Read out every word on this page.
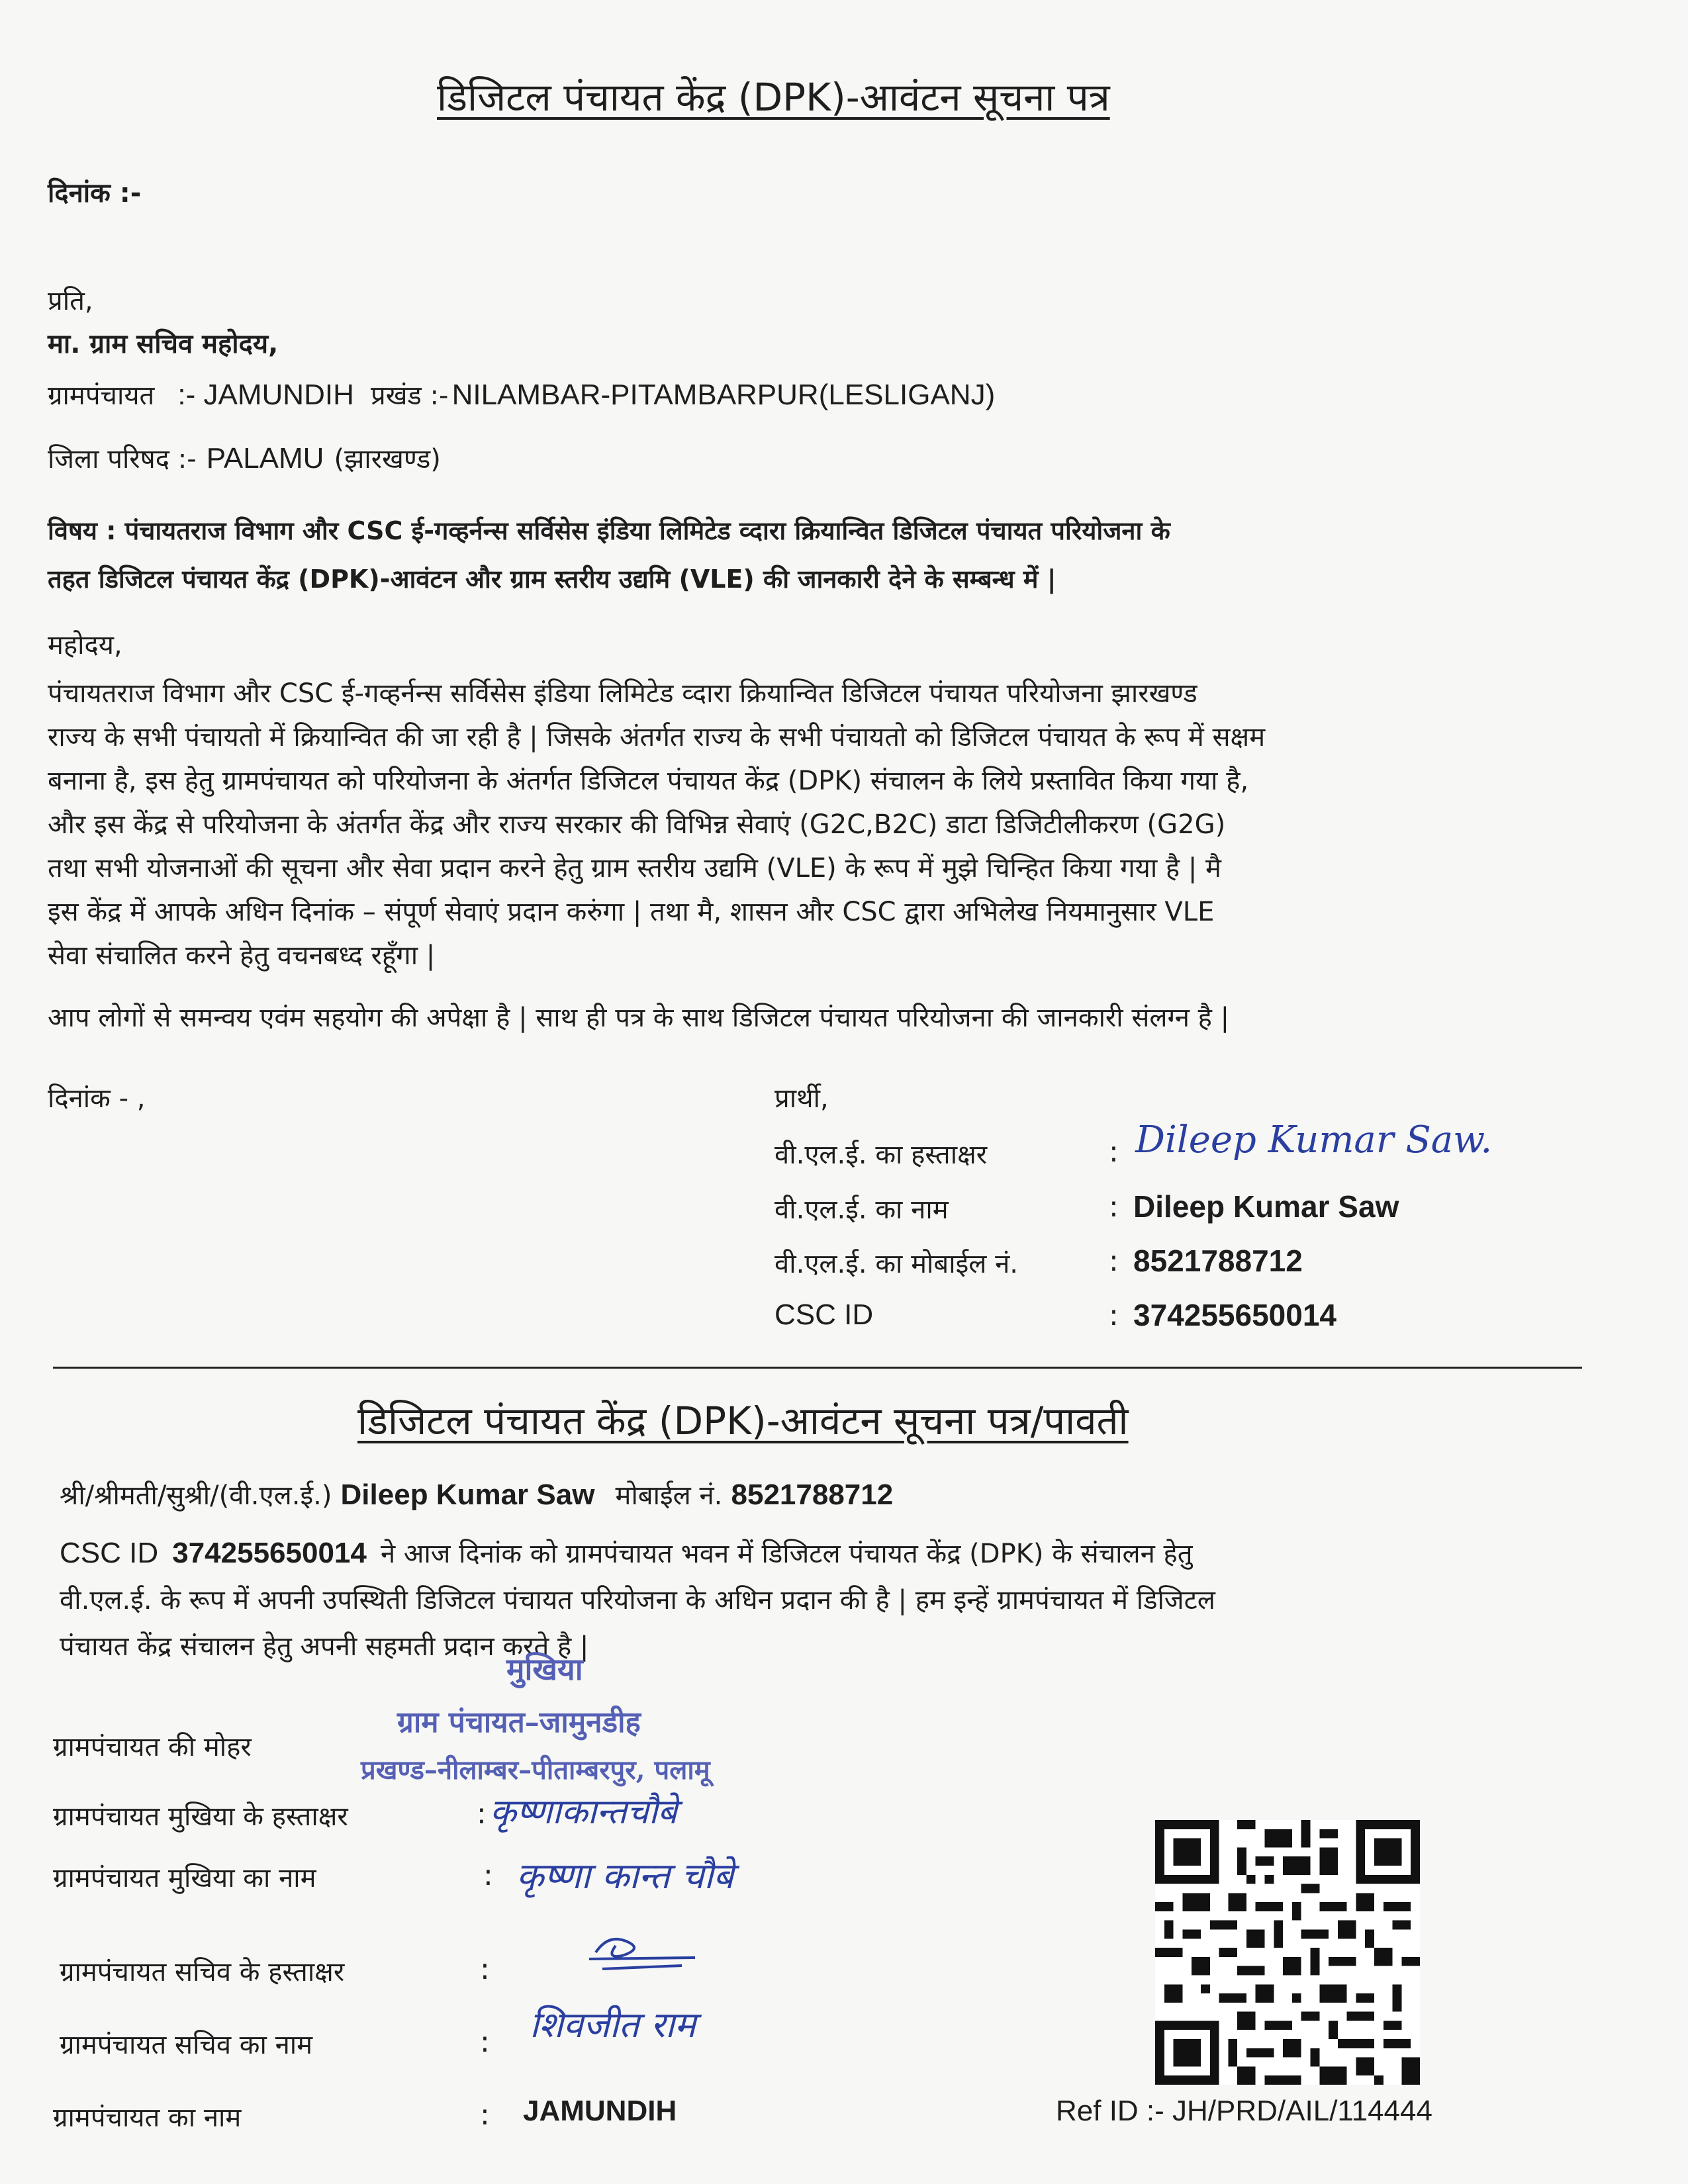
डिजिटल पंचायत केंद्र (DPK)-आवंटन सूचना पत्र
दिनांक :-
प्रति,
मा. ग्राम सचिव महोदय,
ग्रामपंचायत :- JAMUNDIH प्रखंड :- NILAMBAR-PITAMBARPUR(LESLIGANJ)
जिला परिषद :- PALAMU (झारखण्ड)
विषय : पंचायतराज विभाग और CSC ई-गव्हर्नन्स सर्विसेस इंडिया लिमिटेड व्दारा क्रियान्वित डिजिटल पंचायत परियोजना के
तहत डिजिटल पंचायत केंद्र (DPK)-आवंटन और ग्राम स्तरीय उद्यमि (VLE) की जानकारी देने के सम्बन्ध में |
महोदय,
पंचायतराज विभाग और CSC ई-गव्हर्नन्स सर्विसेस इंडिया लिमिटेड व्दारा क्रियान्वित डिजिटल पंचायत परियोजना झारखण्ड
राज्य के सभी पंचायतो में क्रियान्वित की जा रही है | जिसके अंतर्गत राज्य के सभी पंचायतो को डिजिटल पंचायत के रूप में सक्षम
बनाना है, इस हेतु ग्रामपंचायत को परियोजना के अंतर्गत डिजिटल पंचायत केंद्र (DPK) संचालन के लिये प्रस्तावित किया गया है,
और इस केंद्र से परियोजना के अंतर्गत केंद्र और राज्य सरकार की विभिन्न सेवाएं (G2C,B2C) डाटा डिजिटीलीकरण (G2G)
तथा सभी योजनाओं की सूचना और सेवा प्रदान करने हेतु ग्राम स्तरीय उद्यमि (VLE) के रूप में मुझे चिन्हित किया गया है | मै
इस केंद्र में आपके अधिन दिनांक – संपूर्ण सेवाएं प्रदान करुंगा | तथा मै, शासन और CSC द्वारा अभिलेख नियमानुसार VLE
सेवा संचालित करने हेतु वचनबध्द रहूँगा |
आप लोगों से समन्वय एवंम सहयोग की अपेक्षा है | साथ ही पत्र के साथ डिजिटल पंचायत परियोजना की जानकारी संलग्न है |
दिनांक - ,	प्रार्थी,
वी.एल.ई. का हस्ताक्षर	: Dileep Kumar Saw.
वी.एल.ई. का नाम	: Dileep Kumar Saw
वी.एल.ई. का मोबाईल नं.	: 8521788712
CSC ID	: 374255650014
डिजिटल पंचायत केंद्र (DPK)-आवंटन सूचना पत्र/पावती
श्री/श्रीमती/सुश्री/(वी.एल.ई.) Dileep Kumar Saw मोबाईल नं. 8521788712
CSC ID 374255650014 ने आज दिनांक को ग्रामपंचायत भवन में डिजिटल पंचायत केंद्र (DPK) के संचालन हेतु
वी.एल.ई. के रूप में अपनी उपस्थिती डिजिटल पंचायत परियोजना के अधिन प्रदान की है | हम इन्हें ग्रामपंचायत में डिजिटल
पंचायत केंद्र संचालन हेतु अपनी सहमती प्रदान करते है |
मुखिया
ग्राम पंचायत–जामुनडीह
प्रखण्ड–नीलाम्बर–पीताम्बरपुर, पलामू
ग्रामपंचायत की मोहर
ग्रामपंचायत मुखिया के हस्ताक्षर	: कृष्णाकान्तचौबे
ग्रामपंचायत मुखिया का नाम	: कृष्णा कान्त चौबे
ग्रामपंचायत सचिव के हस्ताक्षर	:
ग्रामपंचायत सचिव का नाम	: शिवजीत राम
ग्रामपंचायत का नाम	: JAMUNDIH	Ref ID :- JH/PRD/AIL/114444
